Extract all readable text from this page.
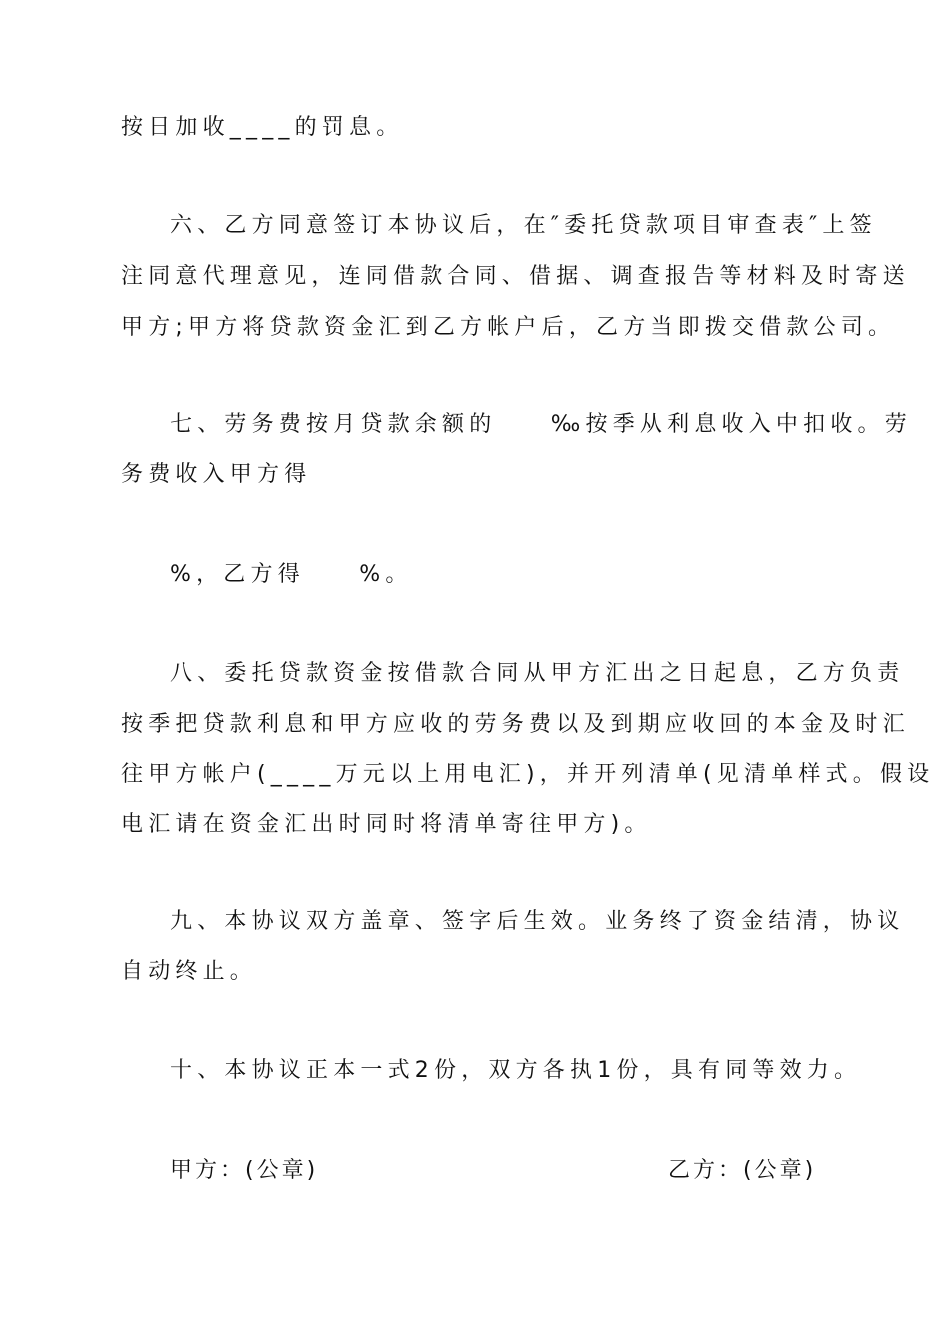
按日加收____的罚息。
六、乙方同意签订本协议后，在″委托贷款项目审查表″上签
注同意代理意见，连同借款合同、借据、调查报告等材料及时寄送
甲方;甲方将贷款资金汇到乙方帐户后，乙方当即拨交借款公司。
七、劳务费按月贷款余额的　　‰按季从利息收入中扣收。劳
务费收入甲方得
%，乙方得　　%。
八、委托贷款资金按借款合同从甲方汇出之日起息，乙方负责
按季把贷款利息和甲方应收的劳务费以及到期应收回的本金及时汇
往甲方帐户(____万元以上用电汇)，并开列清单(见清单样式。假设
电汇请在资金汇出时同时将清单寄往甲方)。
九、本协议双方盖章、签字后生效。业务终了资金结清，协议
自动终止。
十、本协议正本一式2份，双方各执1份，具有同等效力。
甲方：(公章)	乙方：(公章)
